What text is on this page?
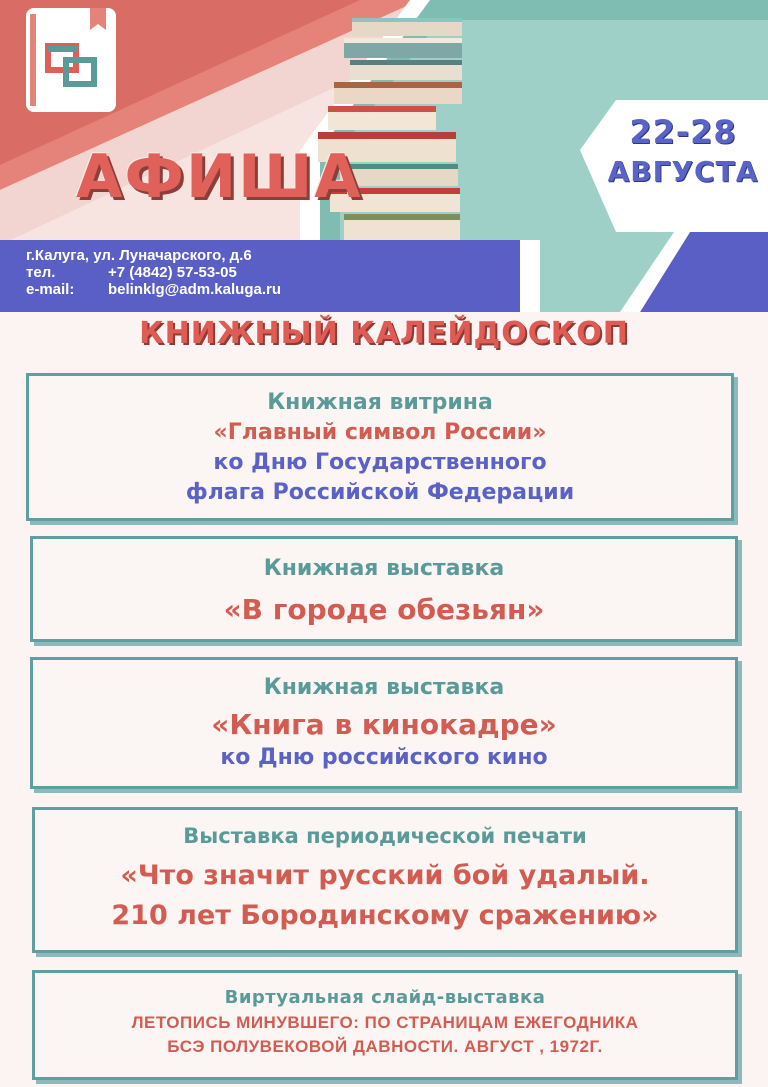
АФИША
22-28
АВГУСТА
г.Калуга, ул. Луначарского, д.6
тел.	+7 (4842) 57-53-05
e-mail:	belinklg@adm.kaluga.ru
КНИЖНЫЙ КАЛЕЙДОСКОП
Книжная витрина
«Главный символ России»
ко Дню Государственного
флага Российской Федерации
Книжная выставка
«В городе обезьян»
Книжная выставка
«Книга в кинокадре»
ко Дню российского кино
Выставка периодической печати
«Что значит русский бой удалый.
210 лет Бородинскому сражению»
Виртуальная слайд-выставка
ЛЕТОПИСЬ МИНУВШЕГО: ПО СТРАНИЦАМ ЕЖЕГОДНИКА
БСЭ ПОЛУВЕКОВОЙ ДАВНОСТИ. АВГУСТ , 1972Г.
